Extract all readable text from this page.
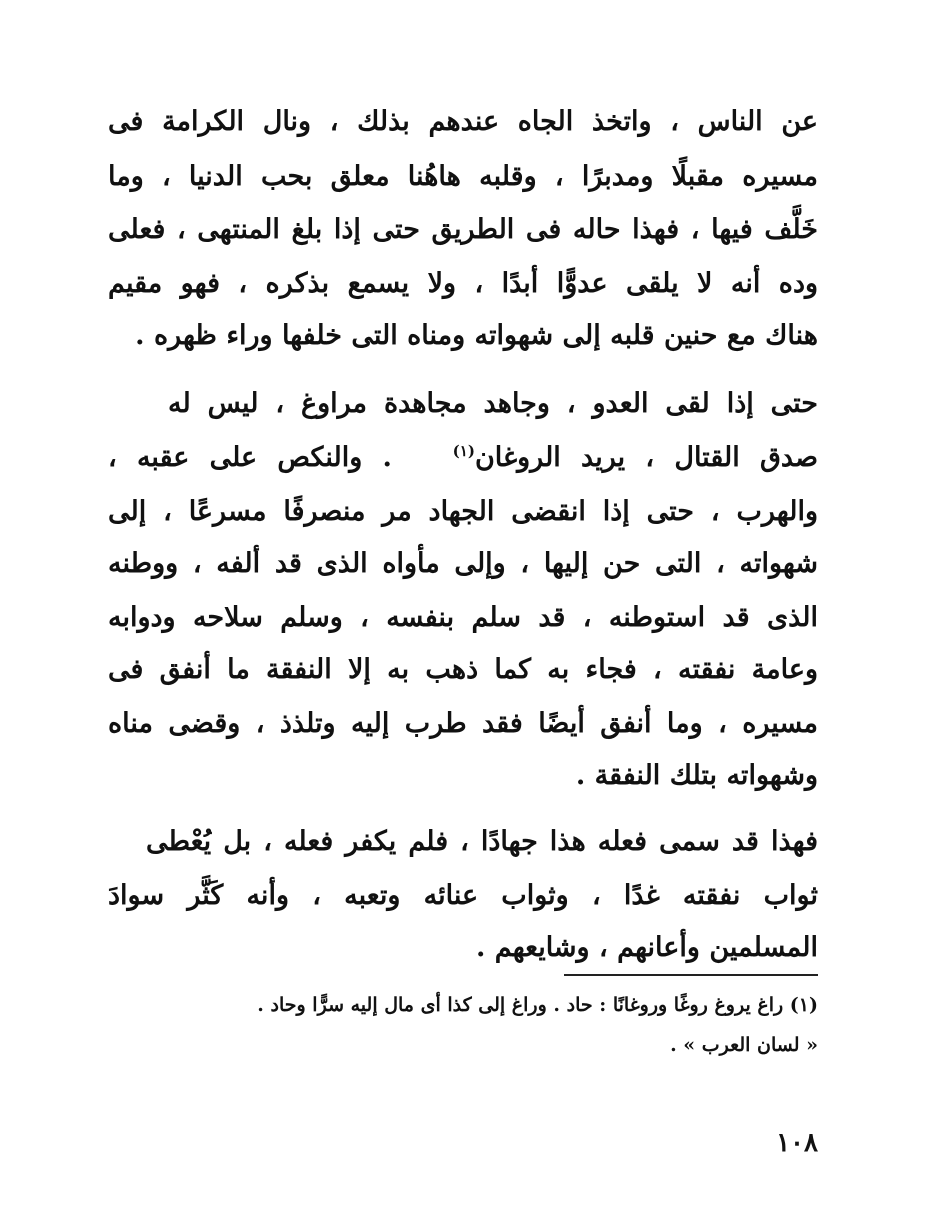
عن الناس ، واتخذ الجاه عندهم بذلك ، ونال الكرامة فى
مسيره مقبلًا ومدبرًا ، وقلبه هاهُنا معلق بحب الدنيا ، وما
خَلَّف فيها ، فهذا حاله فى الطريق حتى إذا بلغ المنتهى ، فعلى
وده أنه لا يلقى عدوًّا أبدًا ، ولا يسمع بذكره ، فهو مقيم
هناك مع حنين قلبه إلى شهواته ومناه التى خلفها وراء ظهره .
حتى إذا لقى العدو ، وجاهد مجاهدة مراوغ ، ليس له
صدق القتال ، يريد الروغان$^{(١)}$   . والنكص على عقبه ،
والهرب ، حتى إذا انقضى الجهاد مر منصرفًا مسرعًا ، إلى
شهواته ، التى حن إليها ، وإلى مأواه الذى قد ألفه ، ووطنه
الذى قد استوطنه ، قد سلم بنفسه ، وسلم سلاحه ودوابه
وعامة نفقته ، فجاء به كما ذهب به إلا النفقة ما أنفق فى
مسيره ، وما أنفق أيضًا فقد طرب إليه وتلذذ ، وقضى مناه
وشهواته بتلك النفقة .
فهذا قد سمى فعله هذا جهادًا ، فلم يكفر فعله ، بل يُعْطى
ثواب نفقته غدًا ، وثواب عنائه وتعبه ، وأنه كَثَّر سوادَ
المسلمين وأعانهم ، وشايعهم .
(١) راغ يروغ روغًا وروغانًا : حاد . وراغ إلى كذا أى مال إليه سرًّا وحاد .
« لسان العرب » .
١٠٨
